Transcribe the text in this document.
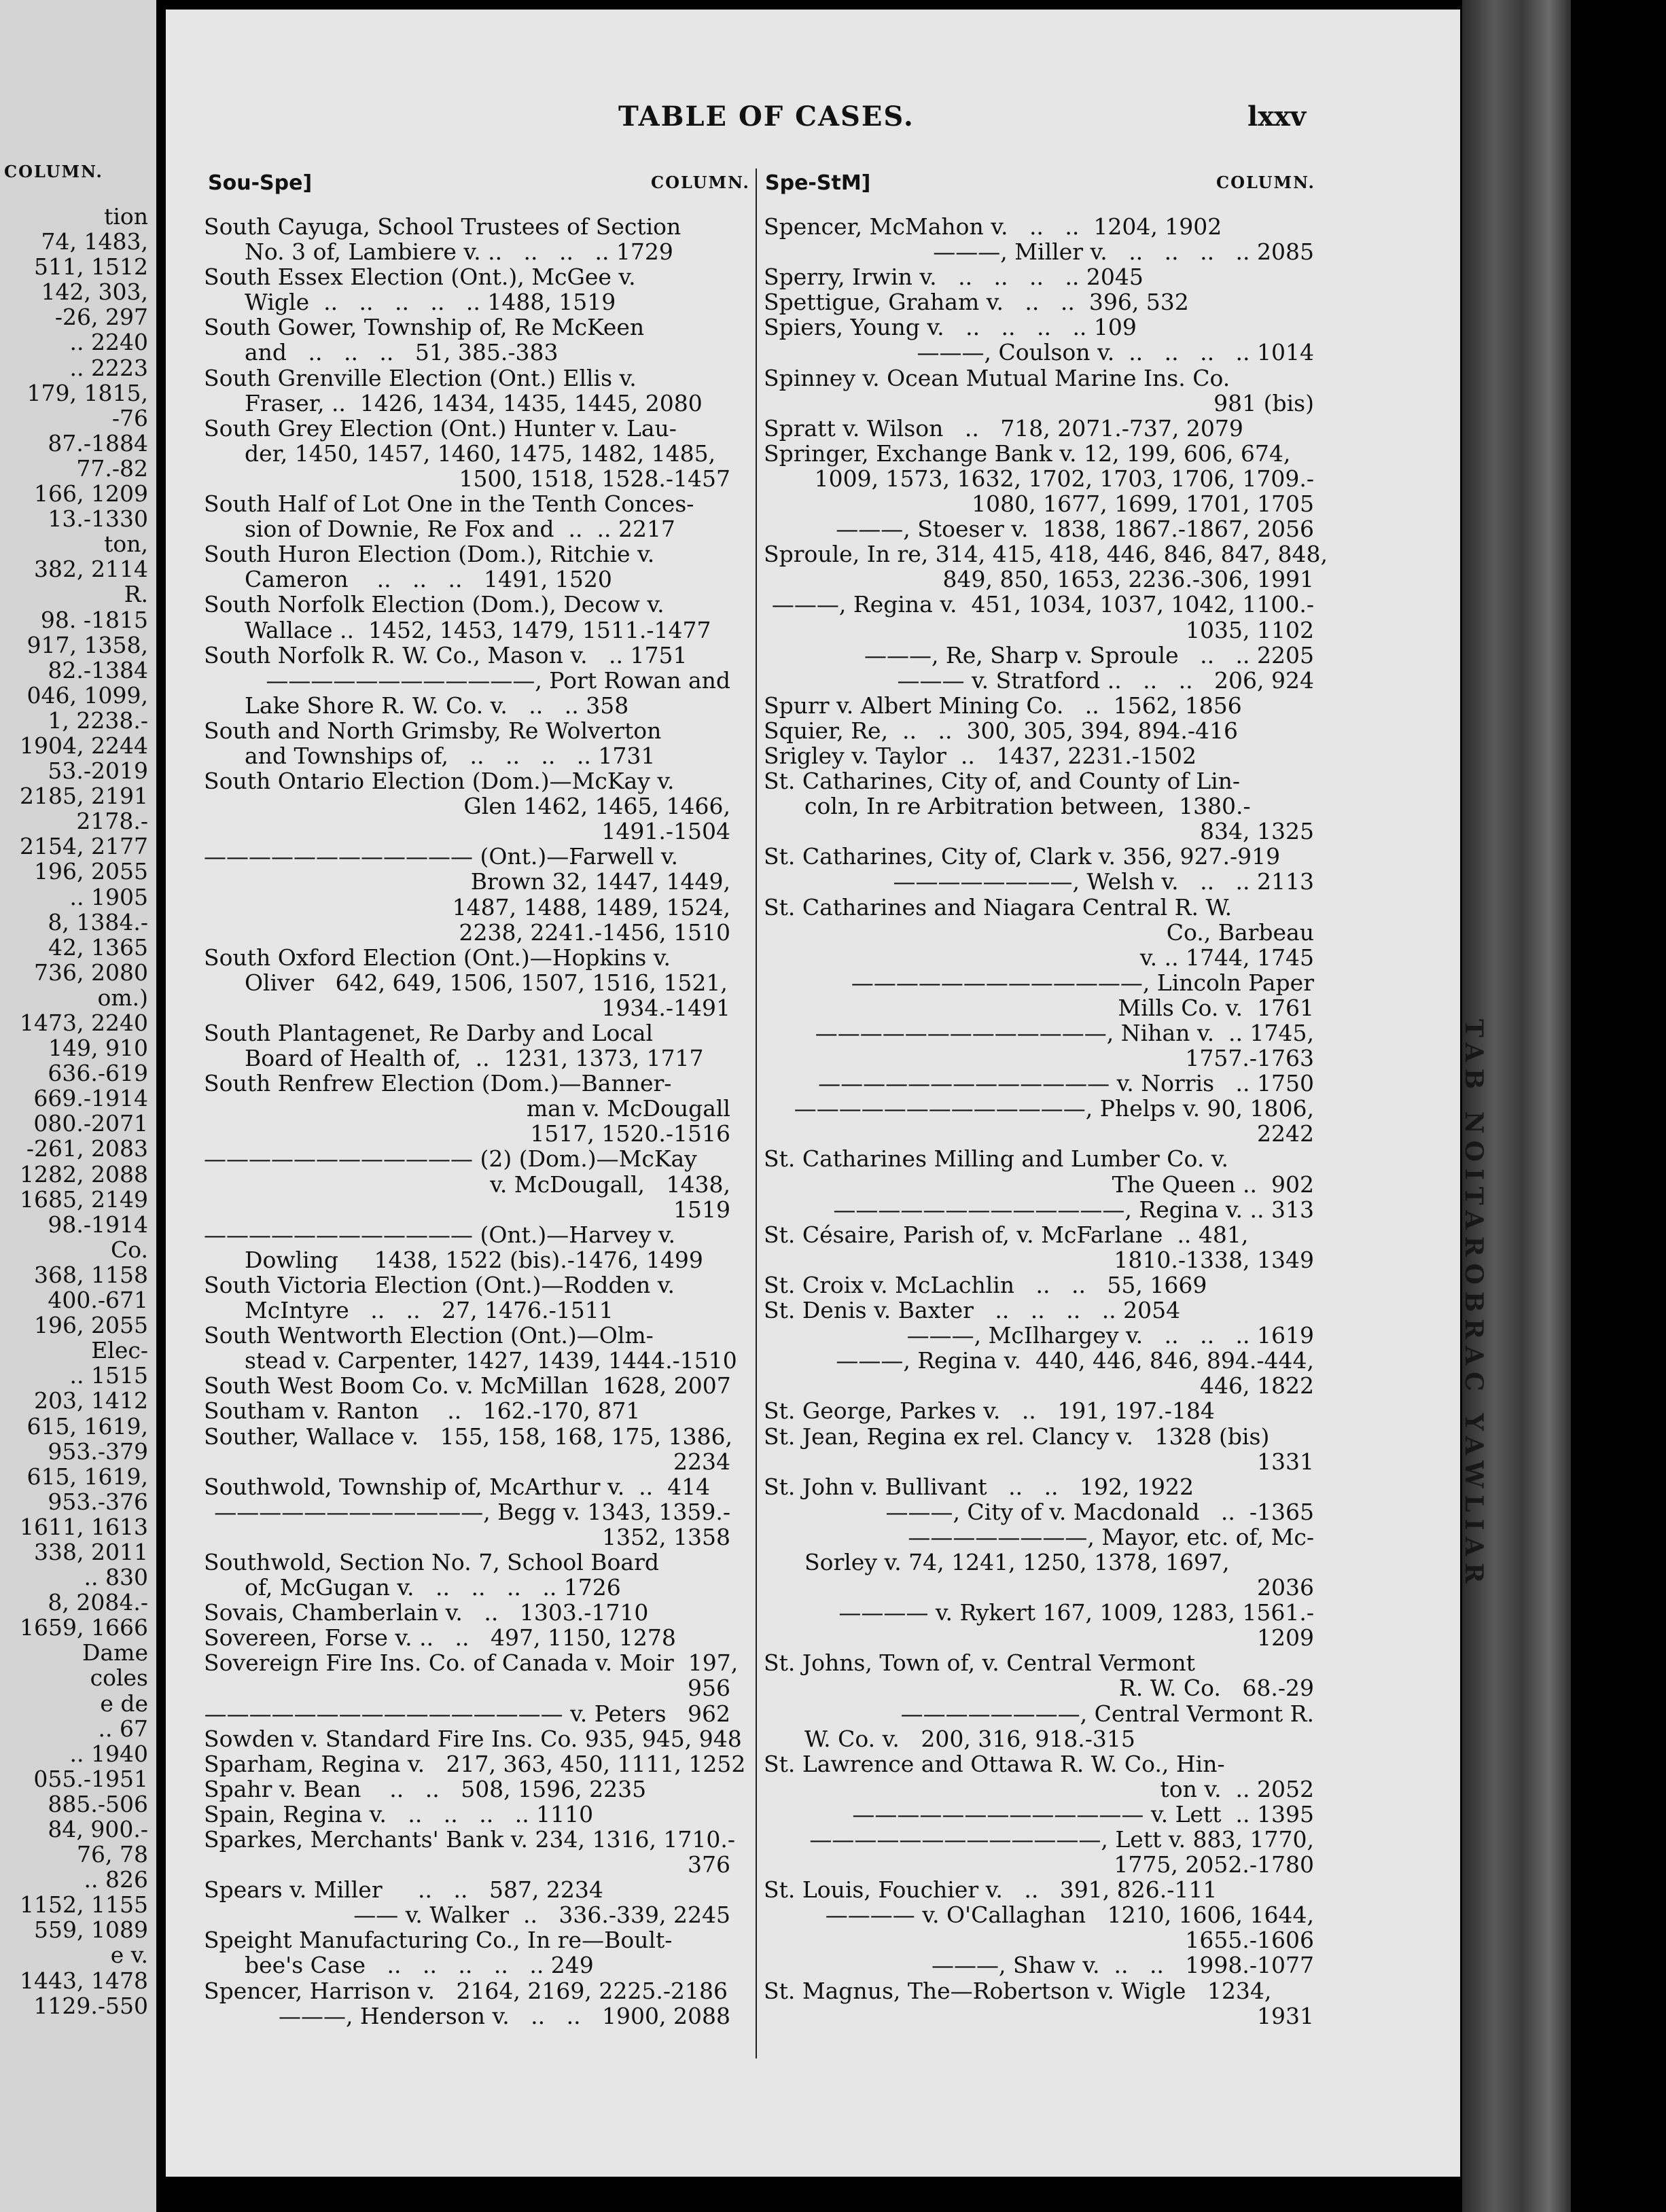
COLUMN.
tion
74, 1483,
511, 1512
142, 303,
-26, 297
.. 2240
.. 2223
179, 1815,
-76
87.-1884
77.-82
166, 1209
13.-1330
ton,
382, 2114
R.
98. -1815
917, 1358,
82.-1384
046, 1099,
1, 2238.-
1904, 2244
53.-2019
2185, 2191
2178.-
2154, 2177
196, 2055
.. 1905
8, 1384.-
42, 1365
736, 2080
om.)
1473, 2240
149, 910
636.-619
669.-1914
080.-2071
-261, 2083
1282, 2088
1685, 2149
98.-1914
Co.
368, 1158
400.-671
196, 2055
Elec-
.. 1515
203, 1412
615, 1619,
953.-379
615, 1619,
953.-376
1611, 1613
338, 2011
.. 830
8, 2084.-
1659, 1666
Dame
coles
e de
.. 67
.. 1940
055.-1951
885.-506
84, 900.-
76, 78
.. 826
1152, 1155
559, 1089
e v.
1443, 1478
1129.-550
TAB NOITAROBRAC YAWLIAR
TABLE OF CASES.	lxxv
Sou-Spe]	COLUMN. Spe-StM]	COLUMN.
South Cayuga, School Trustees of Section
No. 3 of, Lambiere v. ..   ..   ..   .. 1729
South Essex Election (Ont.), McGee v.
Wigle  ..   ..   ..   ..   .. 1488, 1519
South Gower, Township of, Re McKeen
and   ..   ..   ..   51, 385.-383
South Grenville Election (Ont.) Ellis v.
Fraser, ..  1426, 1434, 1435, 1445, 2080
South Grey Election (Ont.) Hunter v. Lau-
der, 1450, 1457, 1460, 1475, 1482, 1485,
1500, 1518, 1528.-1457
South Half of Lot One in the Tenth Conces-
sion of Downie, Re Fox and  ..  .. 2217
South Huron Election (Dom.), Ritchie v.
Cameron    ..   ..   ..   1491, 1520
South Norfolk Election (Dom.), Decow v.
Wallace ..  1452, 1453, 1479, 1511.-1477
South Norfolk R. W. Co., Mason v.   .. 1751
————————————, Port Rowan and
Lake Shore R. W. Co. v.   ..   .. 358
South and North Grimsby, Re Wolverton
and Townships of,   ..   ..   ..   .. 1731
South Ontario Election (Dom.)—McKay v.
Glen 1462, 1465, 1466,
1491.-1504
———————————— (Ont.)—Farwell v.
Brown 32, 1447, 1449,
1487, 1488, 1489, 1524,
2238, 2241.-1456, 1510
South Oxford Election (Ont.)—Hopkins v.
Oliver   642, 649, 1506, 1507, 1516, 1521,
1934.-1491
South Plantagenet, Re Darby and Local
Board of Health of,  ..  1231, 1373, 1717
South Renfrew Election (Dom.)—Banner-
man v. McDougall
1517, 1520.-1516
———————————— (2) (Dom.)—McKay
v. McDougall,   1438,
1519
———————————— (Ont.)—Harvey v.
Dowling     1438, 1522 (bis).-1476, 1499
South Victoria Election (Ont.)—Rodden v.
McIntyre   ..   ..   27, 1476.-1511
South Wentworth Election (Ont.)—Olm-
stead v. Carpenter, 1427, 1439, 1444.-1510
South West Boom Co. v. McMillan  1628, 2007
Southam v. Ranton    ..   162.-170, 871
Souther, Wallace v.   155, 158, 168, 175, 1386,
2234
Southwold, Township of, McArthur v.  ..  414
————————————, Begg v. 1343, 1359.-
1352, 1358
Southwold, Section No. 7, School Board
of, McGugan v.   ..   ..   ..   .. 1726
Sovais, Chamberlain v.   ..   1303.-1710
Sovereen, Forse v. ..   ..   497, 1150, 1278
Sovereign Fire Ins. Co. of Canada v. Moir  197,
956
———————————————— v. Peters   962
Sowden v. Standard Fire Ins. Co. 935, 945, 948
Sparham, Regina v.   217, 363, 450, 1111, 1252
Spahr v. Bean    ..   ..   508, 1596, 2235
Spain, Regina v.   ..   ..   ..   .. 1110
Sparkes, Merchants' Bank v. 234, 1316, 1710.-
376
Spears v. Miller     ..   ..   587, 2234
—— v. Walker  ..   336.-339, 2245
Speight Manufacturing Co., In re—Boult-
bee's Case   ..   ..   ..   ..   .. 249
Spencer, Harrison v.   2164, 2169, 2225.-2186
———, Henderson v.   ..   ..   1900, 2088
Spencer, McMahon v.   ..   ..  1204, 1902
———, Miller v.   ..   ..   ..   .. 2085
Sperry, Irwin v.   ..   ..   ..   .. 2045
Spettigue, Graham v.   ..   ..  396, 532
Spiers, Young v.   ..   ..   ..   .. 109
———, Coulson v.  ..   ..   ..   .. 1014
Spinney v. Ocean Mutual Marine Ins. Co.
981 (bis)
Spratt v. Wilson   ..   718, 2071.-737, 2079
Springer, Exchange Bank v. 12, 199, 606, 674,
1009, 1573, 1632, 1702, 1703, 1706, 1709.-
1080, 1677, 1699, 1701, 1705
———, Stoeser v.  1838, 1867.-1867, 2056
Sproule, In re, 314, 415, 418, 446, 846, 847, 848,
849, 850, 1653, 2236.-306, 1991
———, Regina v.  451, 1034, 1037, 1042, 1100.-
1035, 1102
———, Re, Sharp v. Sproule   ..   .. 2205
——— v. Stratford ..   ..   ..   206, 924
Spurr v. Albert Mining Co.   ..  1562, 1856
Squier, Re,  ..   ..  300, 305, 394, 894.-416
Srigley v. Taylor  ..   1437, 2231.-1502
St. Catharines, City of, and County of Lin-
coln, In re Arbitration between,  1380.-
834, 1325
St. Catharines, City of, Clark v. 356, 927.-919
————————, Welsh v.   ..   .. 2113
St. Catharines and Niagara Central R. W.
Co., Barbeau
v. .. 1744, 1745
—————————————, Lincoln Paper
Mills Co. v.  1761
—————————————, Nihan v.  .. 1745,
1757.-1763
————————————— v. Norris   .. 1750
—————————————, Phelps v. 90, 1806,
2242
St. Catharines Milling and Lumber Co. v.
The Queen ..  902
—————————————, Regina v. .. 313
St. Césaire, Parish of, v. McFarlane  .. 481,
1810.-1338, 1349
St. Croix v. McLachlin   ..   ..   55, 1669
St. Denis v. Baxter   ..   ..   ..   .. 2054
———, McIlhargey v.   ..   ..   .. 1619
———, Regina v.  440, 446, 846, 894.-444,
446, 1822
St. George, Parkes v.   ..   191, 197.-184
St. Jean, Regina ex rel. Clancy v.   1328 (bis)
1331
St. John v. Bullivant   ..   ..   192, 1922
———, City of v. Macdonald   ..  -1365
————————, Mayor, etc. of, Mc-
Sorley v. 74, 1241, 1250, 1378, 1697,
2036
———— v. Rykert 167, 1009, 1283, 1561.-
1209
St. Johns, Town of, v. Central Vermont
R. W. Co.   68.-29
————————, Central Vermont R.
W. Co. v.   200, 316, 918.-315
St. Lawrence and Ottawa R. W. Co., Hin-
ton v.  .. 2052
————————————— v. Lett  .. 1395
—————————————, Lett v. 883, 1770,
1775, 2052.-1780
St. Louis, Fouchier v.   ..   391, 826.-111
———— v. O'Callaghan   1210, 1606, 1644,
1655.-1606
———, Shaw v.  ..   ..   1998.-1077
St. Magnus, The—Robertson v. Wigle   1234,
1931
